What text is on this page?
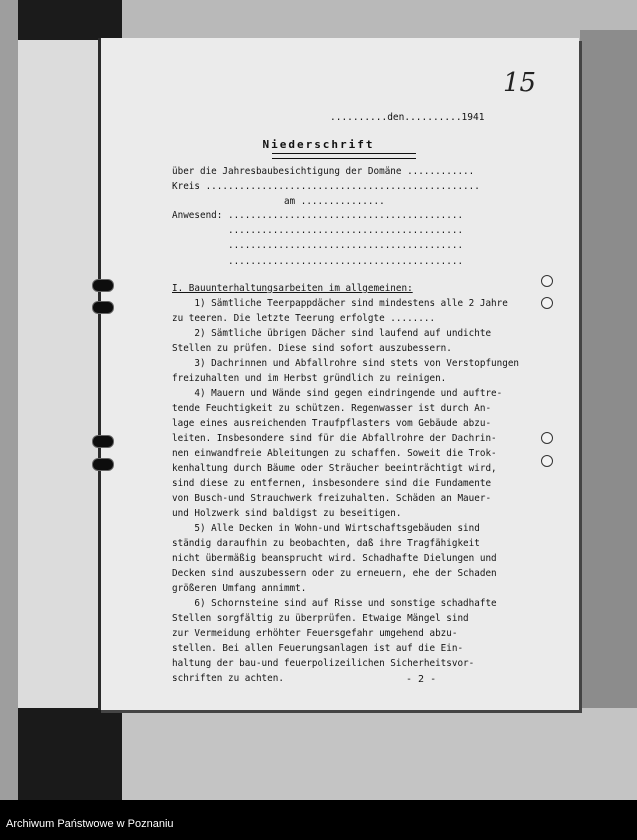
15
..........den..........1941
Niederschrift
über die Jahresbaubesichtigung der Domäne ............
Kreis .................................................
am ...............
Anwesend: ..........................................
..........................................
..........................................
..........................................
I. Bauunterhaltungsarbeiten im allgemeinen:
1) Sämtliche Teerpappdächer sind mindestens alle 2 Jahre
zu teeren. Die letzte Teerung erfolgte ........
2) Sämtliche übrigen Dächer sind laufend auf undichte
Stellen zu prüfen. Diese sind sofort auszubessern.
3) Dachrinnen und Abfallrohre sind stets von Verstopfungen
freizuhalten und im Herbst gründlich zu reinigen.
4) Mauern und Wände sind gegen eindringende und auftre-
tende Feuchtigkeit zu schützen. Regenwasser ist durch An-
lage eines ausreichenden Traufpflasters vom Gebäude abzu-
leiten. Insbesondere sind für die Abfallrohre der Dachrin-
nen einwandfreie Ableitungen zu schaffen. Soweit die Trok-
kenhaltung durch Bäume oder Sträucher beeinträchtigt wird,
sind diese zu entfernen, insbesondere sind die Fundamente
von Busch-und Strauchwerk freizuhalten. Schäden an Mauer-
und Holzwerk sind baldigst zu beseitigen.
5) Alle Decken in Wohn-und Wirtschaftsgebäuden sind
ständig daraufhin zu beobachten, daß ihre Tragfähigkeit
nicht übermäßig beansprucht wird. Schadhafte Dielungen und
Decken sind auszubessern oder zu erneuern, ehe der Schaden
größeren Umfang annimmt.
6) Schornsteine sind auf Risse und sonstige schadhafte
Stellen sorgfältig zu überprüfen. Etwaige Mängel sind
zur Vermeidung erhöhter Feuersgefahr umgehend abzu-
stellen. Bei allen Feuerungsanlagen ist auf die Ein-
haltung der bau-und feuerpolizeilichen Sicherheitsvor-
schriften zu achten.	- 2 -
Archiwum Państwowe w Poznaniu
